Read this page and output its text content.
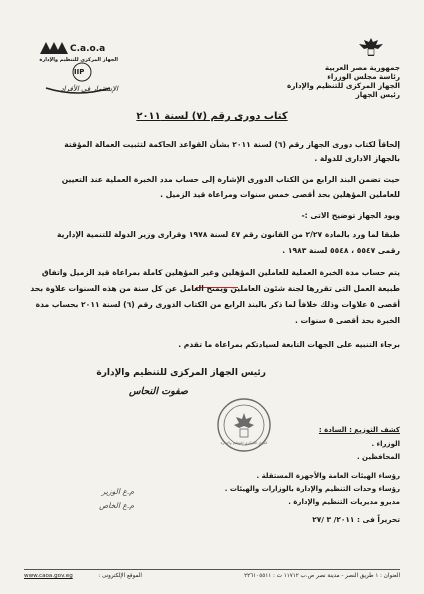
جمهورية مصر العربية
رئاسة مجلس الوزراء
الجهاز المركزى للتنظيم والإدارة
رئيس الجهاز
C.a.o.a
الجهاز المركزى للتنظيم والإدارة
IIP
الإستثمار فى الأفراد
كتاب دورى رقم (٧) لسنة ٢٠١١
إلحاقاً لكتاب دورى الجهاز رقم (٦) لسنة ٢٠١١ بشأن القواعد الحاكمة لتثبيت العمالة المؤقتة
بالجهاز الادارى للدولة .
حيث تضمن البند الرابع من الكتاب الدورى الإشارة إلى حساب مدد الخبرة العملية عند التعيين
للعاملين المؤهلين بحد أقصى خمس سنوات ومراعاة قيد الزميل .
ويود الجهاز توضيح الاتى :-
طبقا لما ورد بالمادة ٢/٢٧ من القانون رقم ٤٧ لسنة ١٩٧٨ وقرارى وزير الدولة للتنمية الإدارية
رقمى ٥٥٤٧ ، ٥٥٤٨ لسنة ١٩٨٣ .
يتم حساب مدة الخبرة العملية للعاملين المؤهلين وغير المؤهلين كاملة بمراعاة قيد الزميل واتفاق
طبيعة العمل التى تقررها لجنة شئون العاملين ويمنح العامل عن كل سنة من هذه السنوات علاوة بحد
أقصى ٥ علاوات وذلك خلافاً لما ذكر بالبند الرابع من الكتاب الدورى رقم (٦) لسنة ٢٠١١ بحساب مدة
الخبرة بحد أقصى ٥ سنوات .
برجاء التنبيه على الجهات التابعة لسيادتكم بمراعاة ما تقدم .
رئيس الجهاز المركزى للتنظيم والإدارة
صفوت النحاس
الجهاز المركزى للتنظيم والإدارة
كشف التوزيع : السادة :
الوزراء .
المحافظين .
رؤساء الهيئات العامة والأجهزة المستقلة .
رؤساء وحدات التنظيم والإدارة بالوزارات والهيئات .
مديرو مديريات التنظيم والإدارة .
تحريراً فى : ٢٠١١/ ٣ /٢٧
م.ع الوزير
م.ع الخاص
العنوان : ١ طريق النصر - مدينة نصر ص.ب ١١٧١٢ ت : ٢٢٦١٠٥٥١١
الموقع الإلكترونى :
www.caoa.gov.eg
